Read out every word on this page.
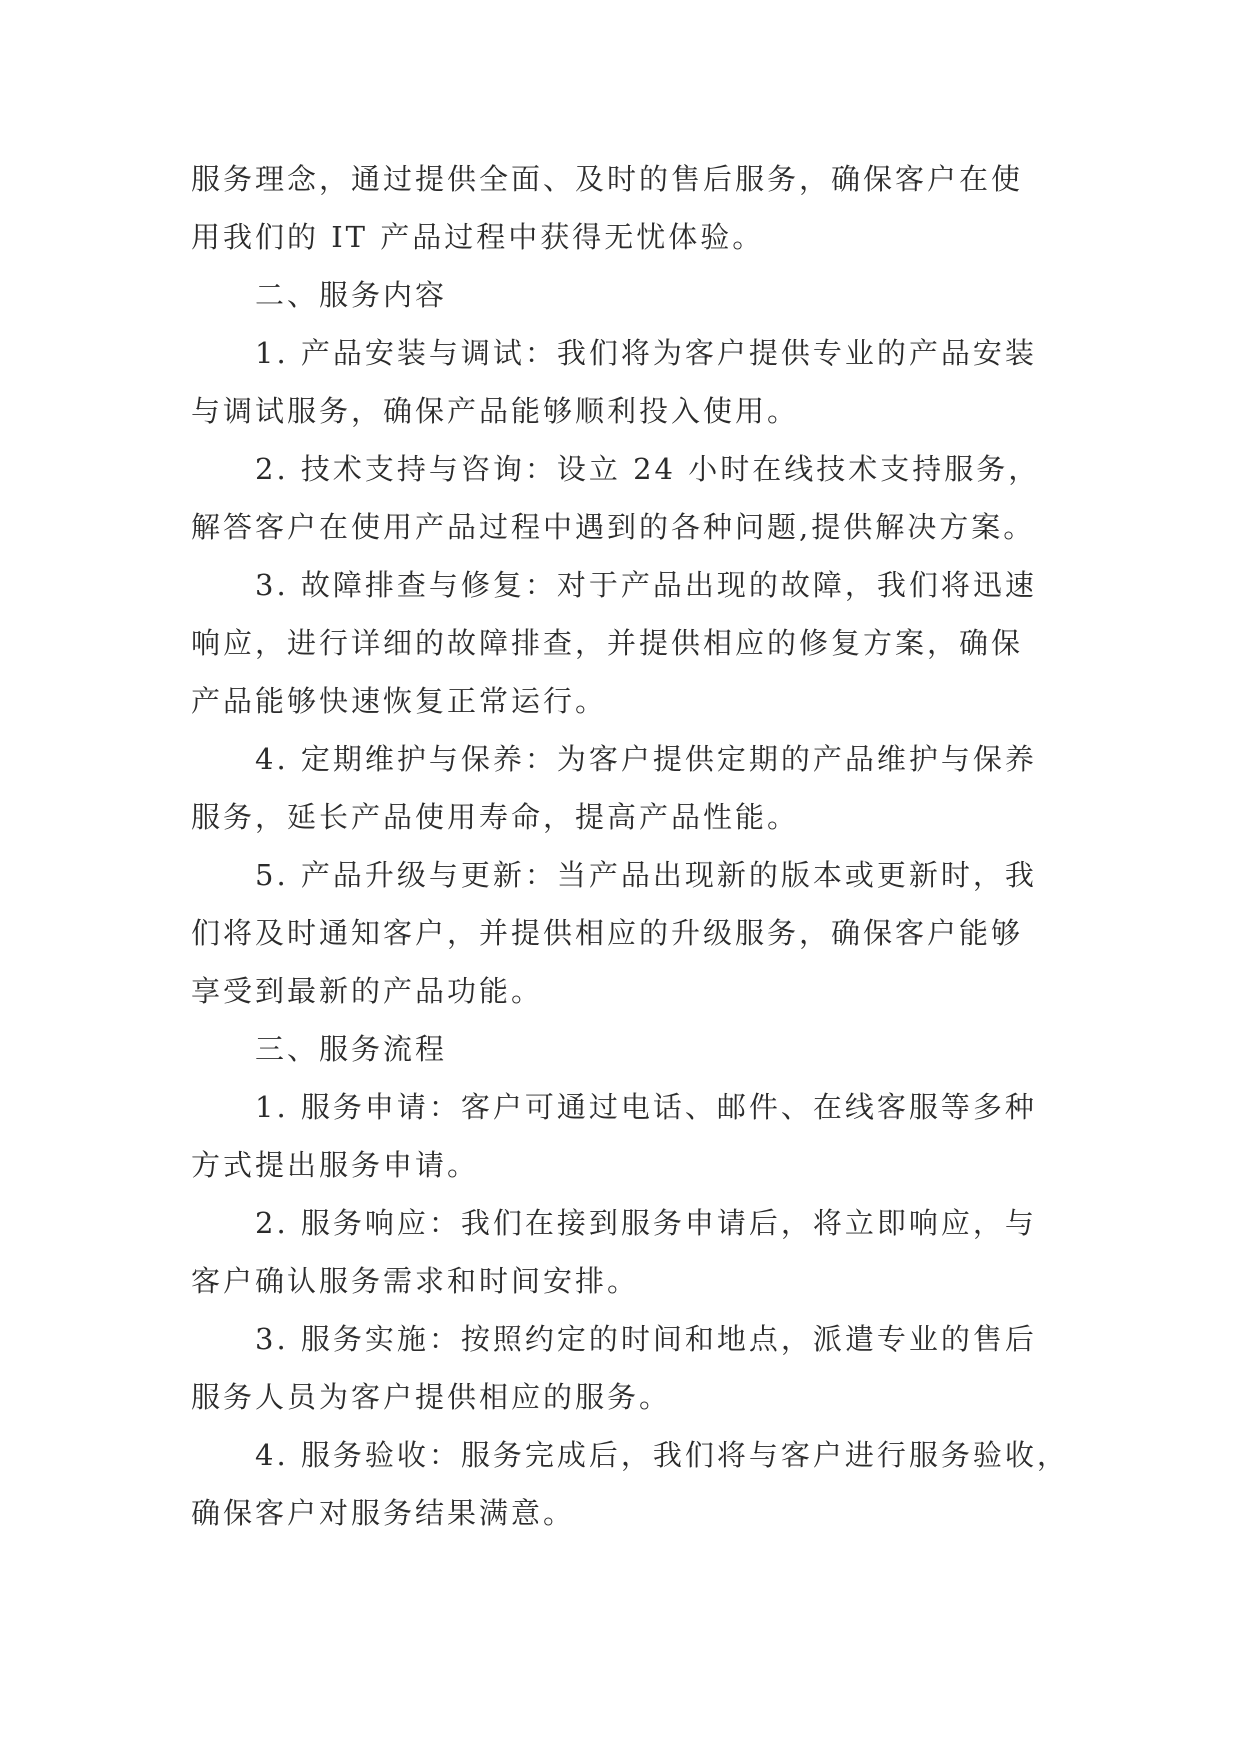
服务理念，通过提供全面、及时的售后服务，确保客户在使
用我们的 IT 产品过程中获得无忧体验。
二、服务内容
1. 产品安装与调试：我们将为客户提供专业的产品安装
与调试服务，确保产品能够顺利投入使用。
2. 技术支持与咨询：设立 24 小时在线技术支持服务，
解答客户在使用产品过程中遇到的各种问题,提供解决方案。
3. 故障排查与修复：对于产品出现的故障，我们将迅速
响应，进行详细的故障排查，并提供相应的修复方案，确保
产品能够快速恢复正常运行。
4. 定期维护与保养：为客户提供定期的产品维护与保养
服务，延长产品使用寿命，提高产品性能。
5. 产品升级与更新：当产品出现新的版本或更新时，我
们将及时通知客户，并提供相应的升级服务，确保客户能够
享受到最新的产品功能。
三、服务流程
1. 服务申请：客户可通过电话、邮件、在线客服等多种
方式提出服务申请。
2. 服务响应：我们在接到服务申请后，将立即响应，与
客户确认服务需求和时间安排。
3. 服务实施：按照约定的时间和地点，派遣专业的售后
服务人员为客户提供相应的服务。
4. 服务验收：服务完成后，我们将与客户进行服务验收，
确保客户对服务结果满意。
